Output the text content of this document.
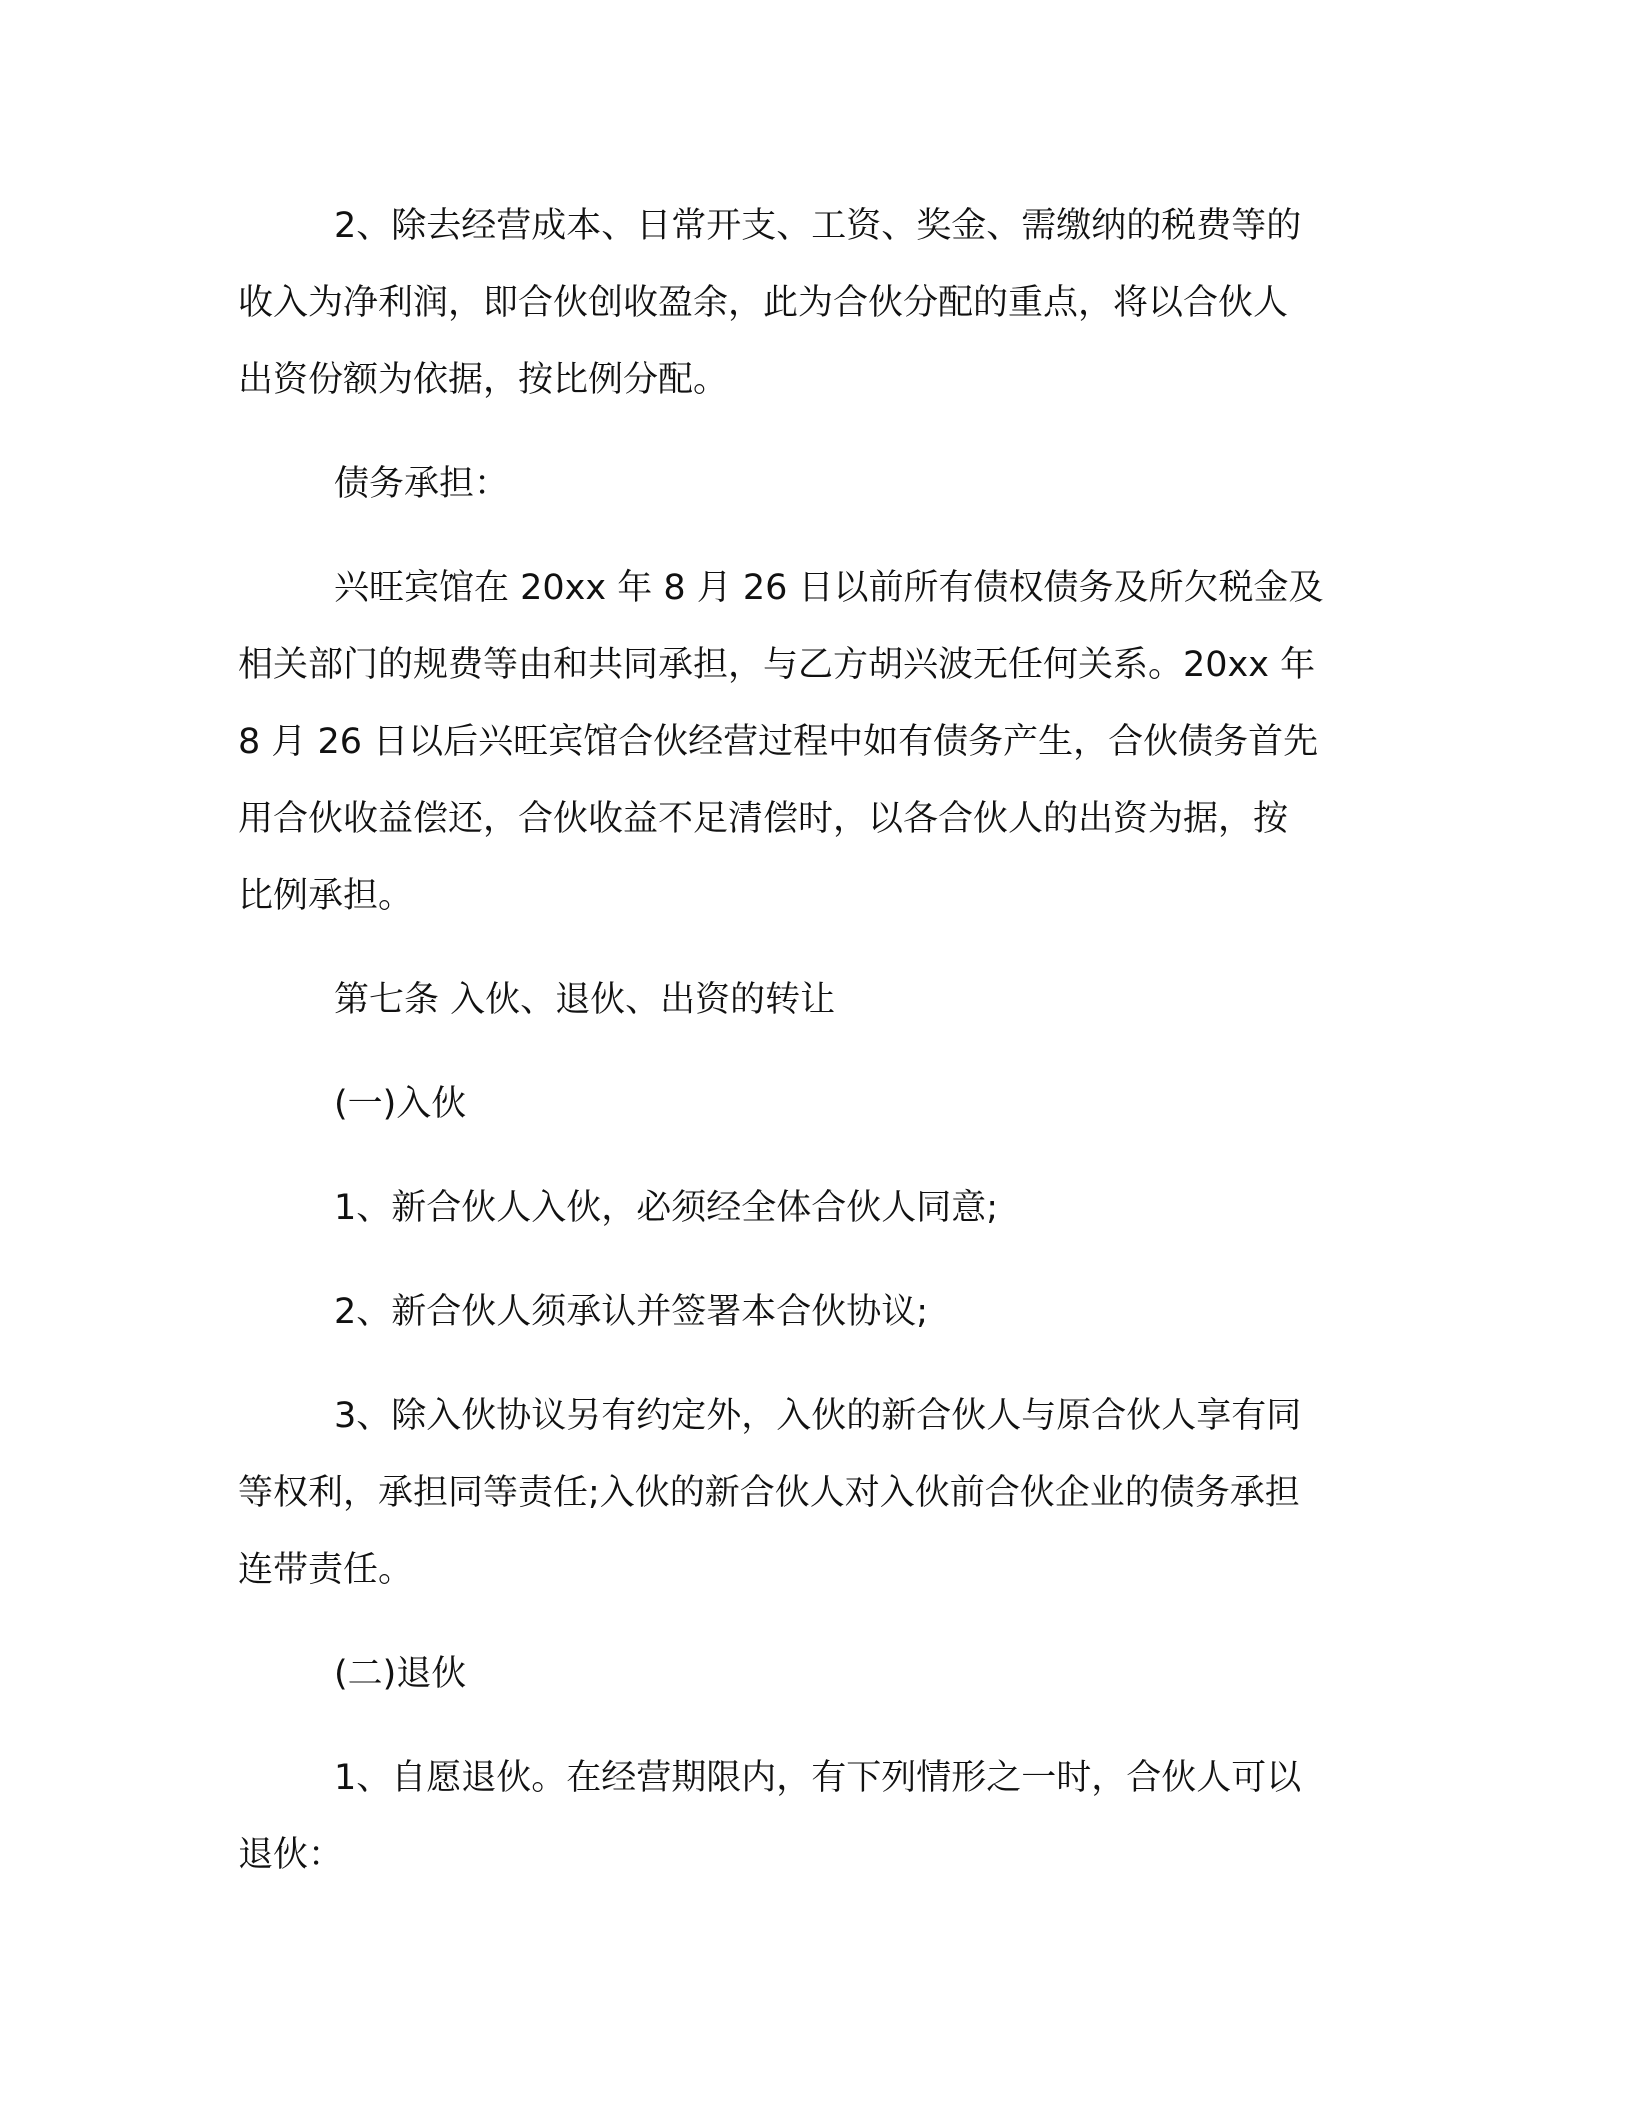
2、除去经营成本、日常开支、工资、奖金、需缴纳的税费等的
收入为净利润，即合伙创收盈余，此为合伙分配的重点，将以合伙人
出资份额为依据，按比例分配。
债务承担：
兴旺宾馆在 20xx 年 8 月 26 日以前所有债权债务及所欠税金及
相关部门的规费等由和共同承担，与乙方胡兴波无任何关系。20xx 年
8 月 26 日以后兴旺宾馆合伙经营过程中如有债务产生，合伙债务首先
用合伙收益偿还，合伙收益不足清偿时，以各合伙人的出资为据，按
比例承担。
第七条 入伙、退伙、出资的转让
(一)入伙
1、新合伙人入伙，必须经全体合伙人同意;
2、新合伙人须承认并签署本合伙协议;
3、除入伙协议另有约定外，入伙的新合伙人与原合伙人享有同
等权利，承担同等责任;入伙的新合伙人对入伙前合伙企业的债务承担
连带责任。
(二)退伙
1、自愿退伙。在经营期限内，有下列情形之一时，合伙人可以
退伙：
